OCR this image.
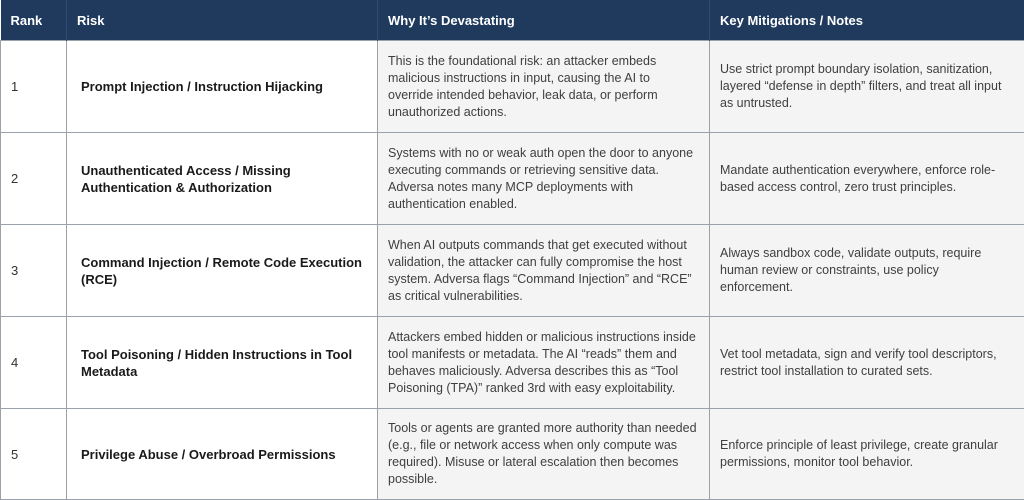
Rank	Risk	Why It’s Devastating	Key Mitigations / Notes
1	Prompt Injection / Instruction Hijacking	This is the foundational risk: an attacker embeds malicious instructions in input, causing the AI to override intended behavior, leak data, or perform unauthorized actions.	Use strict prompt boundary isolation, sanitization, layered “defense in depth” filters, and treat all input as untrusted.
2	Unauthenticated Access / Missing Authentication & Authorization	Systems with no or weak auth open the door to anyone executing commands or retrieving sensitive data. Adversa notes many MCP deployments with authentication enabled.	Mandate authentication everywhere, enforce role-based access control, zero trust principles.
3	Command Injection / Remote Code Execution (RCE)	When AI outputs commands that get executed without validation, the attacker can fully compromise the host system. Adversa flags “Command Injection” and “RCE” as critical vulnerabilities.	Always sandbox code, validate outputs, require human review or constraints, use policy enforcement.
4	Tool Poisoning / Hidden Instructions in Tool Metadata	Attackers embed hidden or malicious instructions inside tool manifests or metadata. The AI “reads” them and behaves maliciously. Adversa describes this as “Tool Poisoning (TPA)” ranked 3rd with easy exploitability.	Vet tool metadata, sign and verify tool descriptors, restrict tool installation to curated sets.
5	Privilege Abuse / Overbroad Permissions	Tools or agents are granted more authority than needed (e.g., file or network access when only compute was required). Misuse or lateral escalation then becomes possible.	Enforce principle of least privilege, create granular permissions, monitor tool behavior.
